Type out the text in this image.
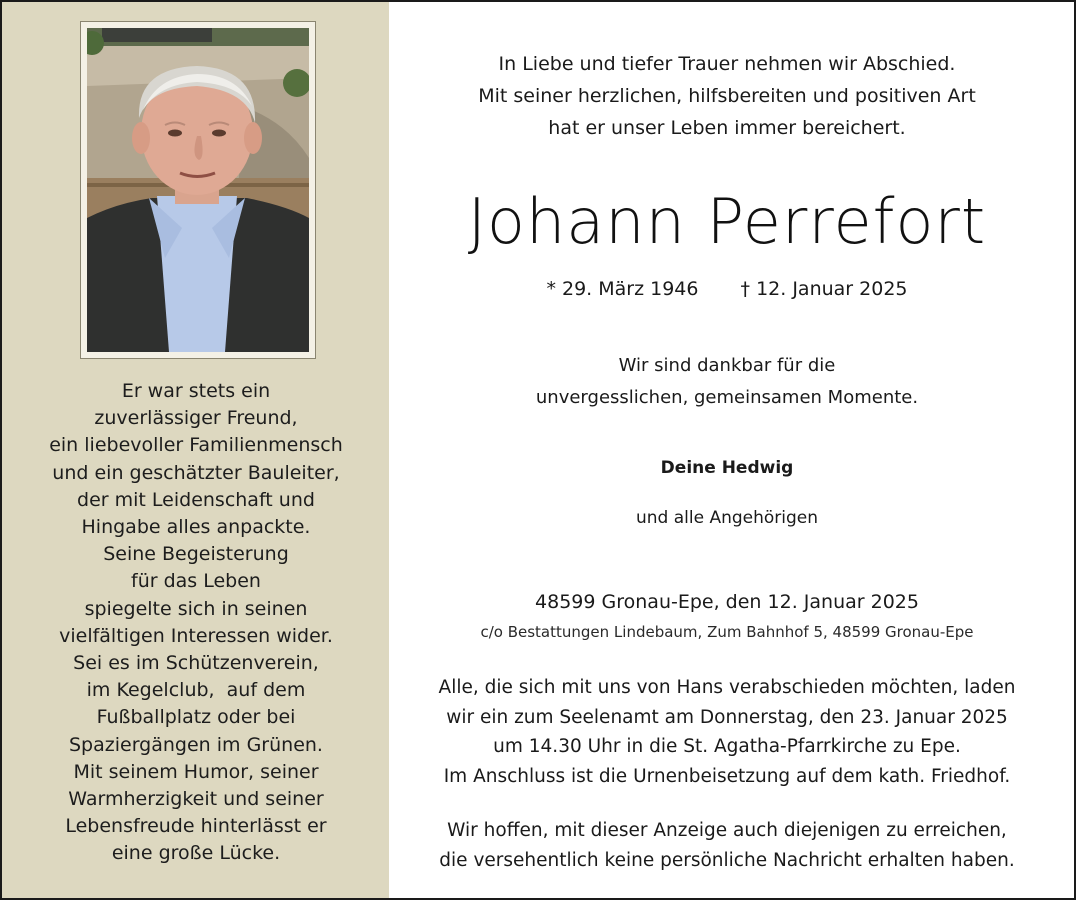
Er war stets ein
zuverlässiger Freund,
ein liebevoller Familienmensch
und ein geschätzter Bauleiter,
der mit Leidenschaft und
Hingabe alles anpackte.
Seine Begeisterung
für das Leben
spiegelte sich in seinen
vielfältigen Interessen wider.
Sei es im Schützenverein,
im Kegelclub,  auf dem
Fußballplatz oder bei
Spaziergängen im Grünen.
Mit seinem Humor, seiner
Warmherzigkeit und seiner
Lebensfreude hinterlässt er
eine große Lücke.
In Liebe und tiefer Trauer nehmen wir Abschied.
Mit seiner herzlichen, hilfsbereiten und positiven Art
hat er unser Leben immer bereichert.
Johann Perrefort
* 29. März 1946 † 12. Januar 2025
Wir sind dankbar für die
unvergesslichen, gemeinsamen Momente.
Deine Hedwig
und alle Angehörigen
48599 Gronau-Epe, den 12. Januar 2025
c/o Bestattungen Lindebaum, Zum Bahnhof 5, 48599 Gronau-Epe
Alle, die sich mit uns von Hans verabschieden möchten, laden
wir ein zum Seelenamt am Donnerstag, den 23. Januar 2025
um 14.30 Uhr in die St. Agatha-Pfarrkirche zu Epe.
Im Anschluss ist die Urnenbeisetzung auf dem kath. Friedhof.
Wir hoffen, mit dieser Anzeige auch diejenigen zu erreichen,
die versehentlich keine persönliche Nachricht erhalten haben.
